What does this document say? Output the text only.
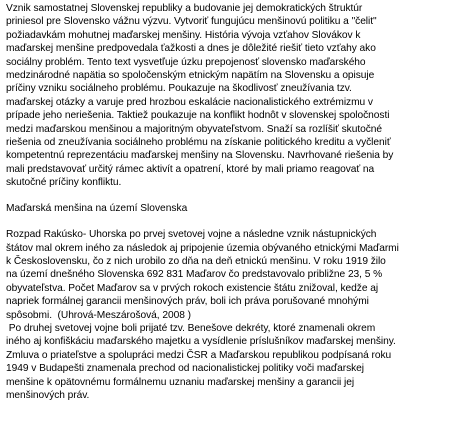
Vznik samostatnej Slovenskej republiky a budovanie jej demokratických štruktúr
priniesol pre Slovensko vážnu výzvu. Vytvoriť fungujúcu menšinovú politiku a "čelit"
požiadavkám mohutnej maďarskej menšiny. História vývoja vzťahov Slovákov k
maďarskej menšine predpovedala ťažkosti a dnes je dôležité riešiť tieto vzťahy ako
sociálny problém. Tento text vysvetľuje úzku prepojenosť slovensko maďarského
medzinárodné napätia so spoločenským etnickým napätím na Slovensku a opisuje
príčiny vzniku sociálneho problému. Poukazuje na škodlivosť zneužívania tzv.
maďarskej otázky a varuje pred hrozbou eskalácie nacionalistického extrémizmu v
prípade jeho neriešenia. Taktiež poukazuje na konflikt hodnôt v slovenskej spoločnosti
medzi maďarskou menšinou a majoritným obyvateľstvom. Snaží sa rozlíšiť skutočné
riešenia od zneužívania sociálneho problému na získanie politického kreditu a vyčleniť
kompetentnú reprezentáciu maďarskej menšiny na Slovensku. Navrhované riešenia by
mali predstavovať určitý rámec aktivít a opatrení, ktoré by mali priamo reagovať na
skutočné príčiny konfliktu.

Maďarská menšina na území Slovenska

Rozpad Rakúsko- Uhorska po prvej svetovej vojne a následne vznik nástupnických
štátov mal okrem iného za následok aj pripojenie územia obývaného etnickými Maďarmi
k Československu, čo z nich urobilo zo dňa na deň etnickú menšinu. V roku 1919 žilo
na území dnešného Slovenska 692 831 Maďarov čo predstavovalo približne 23, 5 %
obyvateľstva. Počet Maďarov sa v prvých rokoch existencie štátu znižoval, kedže aj
napriek formálnej garancii menšinových práv, boli ich práva porušované mnohými
spôsobmi.  (Uhrová-Meszárošová, 2008 )

Po druhej svetovej vojne boli prijaté tzv. Benešove dekréty, ktoré znamenali okrem
iného aj konfiškáciu maďarského majetku a vysídlenie príslušníkov maďarskej menšiny.
Zmluva o priateľstve a spolupráci medzi ČSR a Maďarskou republikou podpísaná roku
1949 v Budapešti znamenala prechod od nacionalistickej politiky voči maďarskej
menšine k opätovnému formálnemu uznaniu maďarskej menšiny a garancii jej
menšinových práv.
